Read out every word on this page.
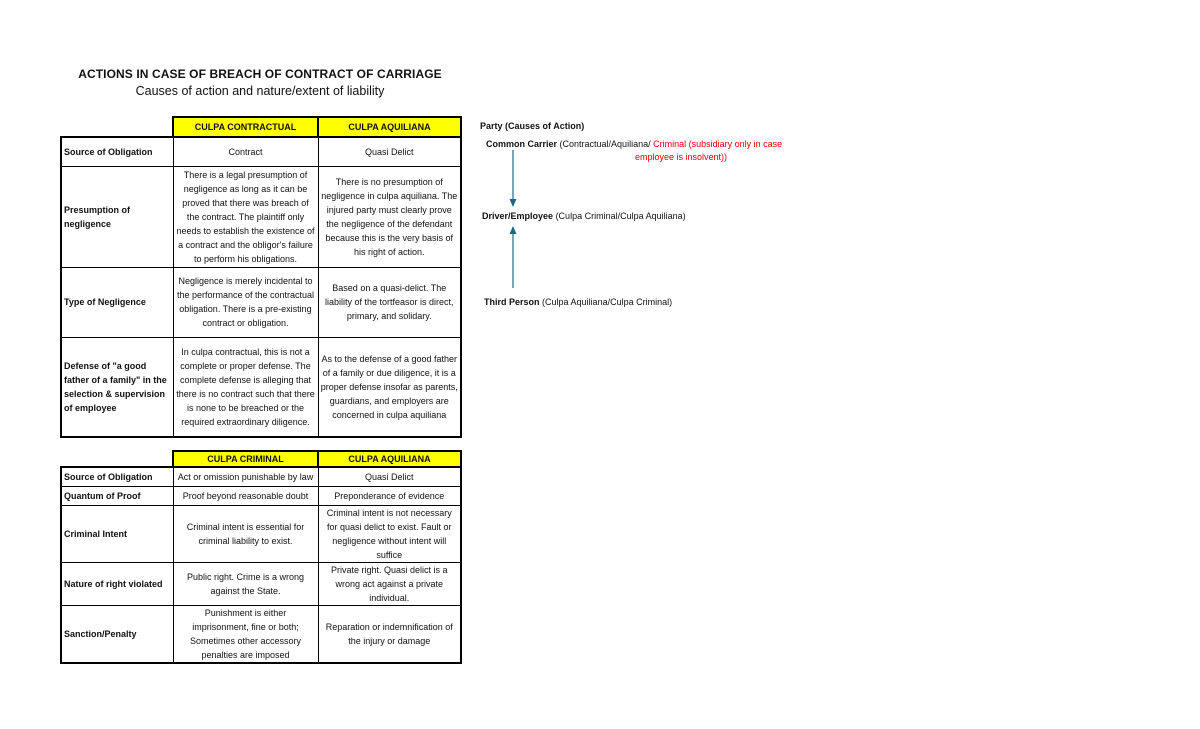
ACTIONS IN CASE OF BREACH OF CONTRACT OF CARRIAGE
Causes of action and nature/extent of liability
	CULPA CONTRACTUAL	CULPA AQUILIANA
Source of Obligation	Contract	Quasi Delict
Presumption of negligence	There is a legal presumption of negligence as long as it can be proved that there was breach of the contract. The plaintiff only needs to establish the existence of a contract and the obligor's failure to perform his obligations.	There is no presumption of negligence in culpa aquiliana. The injured party must clearly prove the negligence of the defendant because this is the very basis of his right of action.
Type of Negligence	Negligence is merely incidental to the performance of the contractual obligation. There is a pre-existing contract or obligation.	Based on a quasi-delict. The liability of the tortfeasor is direct, primary, and solidary.
Defense of "a good father of a family" in the selection & supervision of employee	In culpa contractual, this is not a complete or proper defense. The complete defense is alleging that there is no contract such that there is none to be breached or the required extraordinary diligence.	As to the defense of a good father of a family or due diligence, it is a proper defense insofar as parents, guardians, and employers are concerned in culpa aquiliana
	CULPA CRIMINAL	CULPA AQUILIANA
Source of Obligation	Act or omission punishable by law	Quasi Delict
Quantum of Proof	Proof beyond reasonable doubt	Preponderance of evidence
Criminal Intent	Criminal intent is essential for criminal liability to exist.	Criminal intent is not necessary for quasi delict to exist. Fault or negligence without intent will suffice
Nature of right violated	Public right. Crime is a wrong against the State.	Private right. Quasi delict is a wrong act against a private individual.
Sanction/Penalty	Punishment is either imprisonment, fine or both; Sometimes other accessory penalties are imposed	Reparation or indemnification of the injury or damage
Party (Causes of Action)
Common Carrier (Contractual/Aquiliana/ Criminal (subsidiary only in case
employee is insolvent))
Driver/Employee (Culpa Criminal/Culpa Aquiliana)
Third Person (Culpa Aquiliana/Culpa Criminal)
